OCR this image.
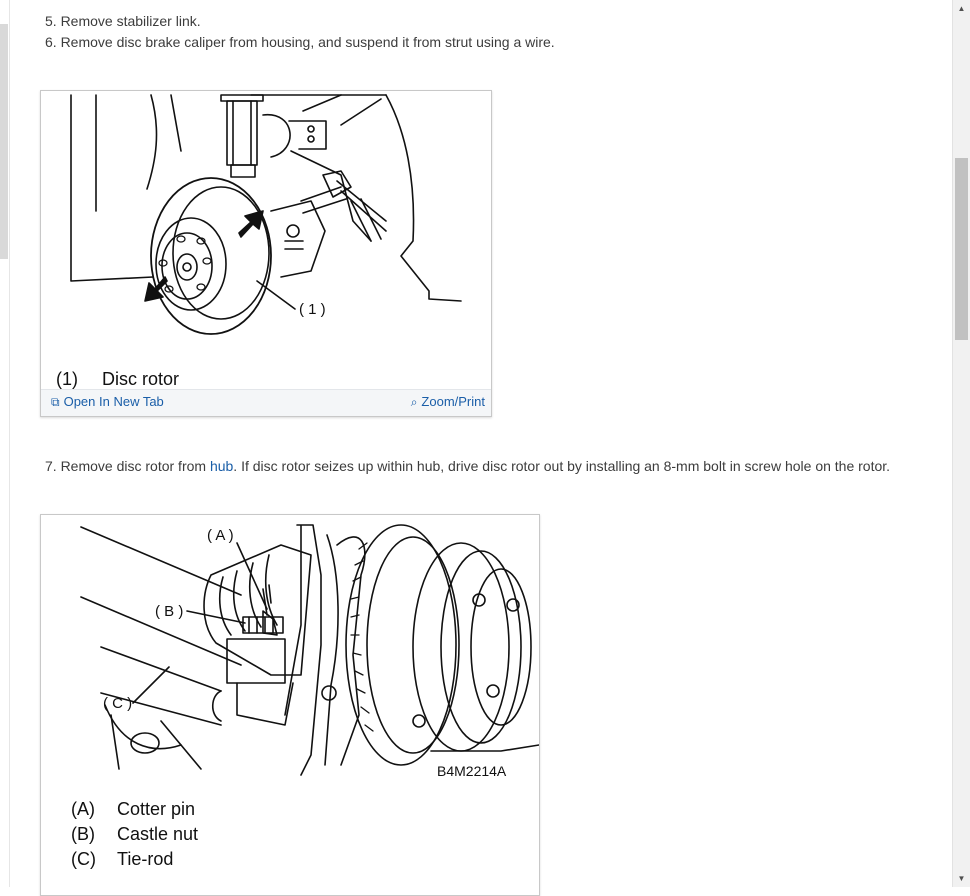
5. Remove stabilizer link.
6. Remove disc brake caliper from housing, and suspend it from strut using a wire.
( 1 )
(1) Disc rotor
⧉ Open In New Tab	⌕ Zoom/Print
7. Remove disc rotor from hub. If disc rotor seizes up within hub, drive disc rotor out by installing an 8-mm bolt in screw hole on the rotor.
( A )
( B )
( C )
B4M2214A
(A) Cotter pin
(B) Castle nut
(C) Tie-rod
▲
▼
